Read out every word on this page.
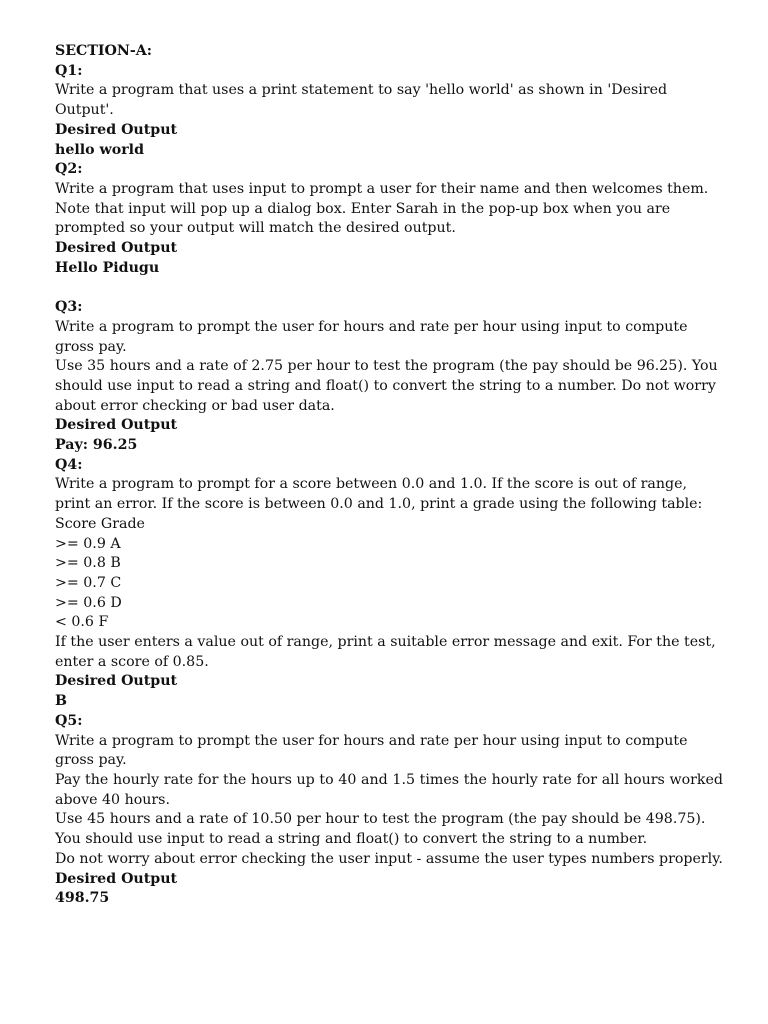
SECTION-A:
Q1:
Write a program that uses a print statement to say 'hello world' as shown in 'Desired Output'.
Desired Output
hello world
Q2:
Write a program that uses input to prompt a user for their name and then welcomes them. Note that input will pop up a dialog box. Enter Sarah in the pop-up box when you are prompted so your output will match the desired output.
Desired Output
Hello Pidugu
Q3:
Write a program to prompt the user for hours and rate per hour using input to compute gross pay.
Use 35 hours and a rate of 2.75 per hour to test the program (the pay should be 96.25). You should use input to read a string and float() to convert the string to a number. Do not worry about error checking or bad user data.
Desired Output
Pay: 96.25
Q4:
Write a program to prompt for a score between 0.0 and 1.0. If the score is out of range, print an error. If the score is between 0.0 and 1.0, print a grade using the following table:
Score Grade
>= 0.9 A
>= 0.8 B
>= 0.7 C
>= 0.6 D
< 0.6 F
If the user enters a value out of range, print a suitable error message and exit. For the test, enter a score of 0.85.
Desired Output
B
Q5:
Write a program to prompt the user for hours and rate per hour using input to compute gross pay.
Pay the hourly rate for the hours up to 40 and 1.5 times the hourly rate for all hours worked above 40 hours.
Use 45 hours and a rate of 10.50 per hour to test the program (the pay should be 498.75).
You should use input to read a string and float() to convert the string to a number.
Do not worry about error checking the user input - assume the user types numbers properly.
Desired Output
498.75
